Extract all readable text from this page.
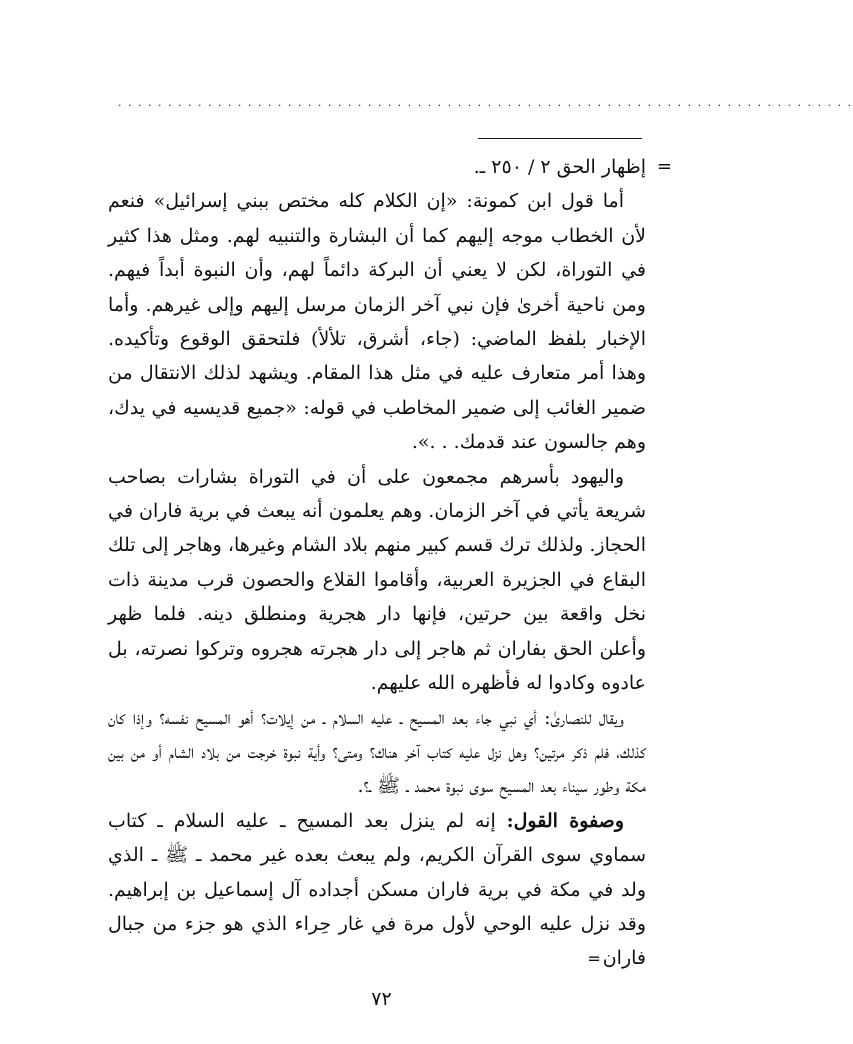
. . . . . . . . . . . . . . . . . . . . . . . . . . . . . . . . . . . . . . . . . . . . . . . . . . . . . . . . . . . . . . . . . . . . . . . . . .

=
إظهار الحق ٢ / ٢٥٠ ـ.

أما قول ابن كمونة: «إن الكلام كله مختص ببني إسرائيل» فنعم لأن الخطاب موجه إليهم كما أن البشارة والتنبيه لهم. ومثل هذا كثير في التوراة، لكن لا يعني أن البركة دائماً لهم، وأن النبوة أبداً فيهم. ومن ناحية أخرىٰ فإن نبي آخر الزمان مرسل إليهم وإلى غيرهم. وأما الإخبار بلفظ الماضي: (جاء، أشرق، تلألأ) فلتحقق الوقوع وتأكيده. وهذا أمر متعارف عليه في مثل هذا المقام. ويشهد لذلك الانتقال من ضمير الغائب إلى ضمير المخاطب في قوله: «جميع قديسيه في يدك، وهم جالسون عند قدمك. . .».

واليهود بأسرهم مجمعون على أن في التوراة بشارات بصاحب شريعة يأتي في آخر الزمان. وهم يعلمون أنه يبعث في برية فاران في الحجاز. ولذلك ترك قسم كبير منهم بلاد الشام وغيرها، وهاجر إلى تلك البقاع في الجزيرة العربية، وأقاموا القلاع والحصون قرب مدينة ذات نخل واقعة بين حرتين، فإنها دار هجرية ومنطلق دينه. فلما ظهر وأعلن الحق بفاران ثم هاجر إلى دار هجرته هجروه وتركوا نصرته، بل عادوه وكادوا له فأظهره الله عليهم.

ويقال للنصارىٰ: أي نبي جاء بعد المسيح ـ عليه السلام ـ من إيلات؟ أهو المسيح نفسه؟ وإذا كان كذلك، فلم ذكر مرتين؟ وهل نزل عليه كتاب آخر هناك؟ ومتى؟ وأية نبوة خرجت من بلاد الشام أو من بين مكة وطور سيناء بعد المسيح سوى نبوة محمد ـ ﷺ ـ؟.

وصفوة القول: إنه لم ينزل بعد المسيح ـ عليه السلام ـ كتاب سماوي سوى القرآن الكريم، ولم يبعث بعده غير محمد ـ ﷺ ـ الذي ولد في مكة في برية فاران مسكن أجداده آل إسماعيل بن إبراهيم. وقد نزل عليه الوحي لأول مرة في غار حِراء الذي هو جزء من جبال فاران=

٧٢
